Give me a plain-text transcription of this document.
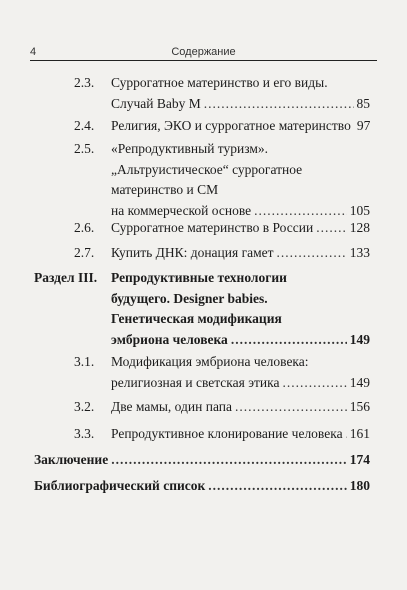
4	Содержание
2.3. Суррогатное материнство и его виды.
Случай Baby M .....	85
2.4. Религия, ЭКО и суррогатное материнство 97
2.5. «Репродуктивный туризм».
„Альтруистическое“ суррогатное
материнство и СМ
на коммерческой основе .....	105
2.6. Суррогатное материнство в России .....	128
2.7. Купить ДНК: донация гамет .....	133
Раздел III. Репродуктивные технологии
будущего. Designer babies.
Генетическая модификация
эмбриона человека .....	149
3.1. Модификация эмбриона человека:
религиозная и светская этика .....	149
3.2. Две мамы, один папа .....	156
3.3. Репродуктивное клонирование человека ..... 161
Заключение .....	174
Библиографический список .....	180
